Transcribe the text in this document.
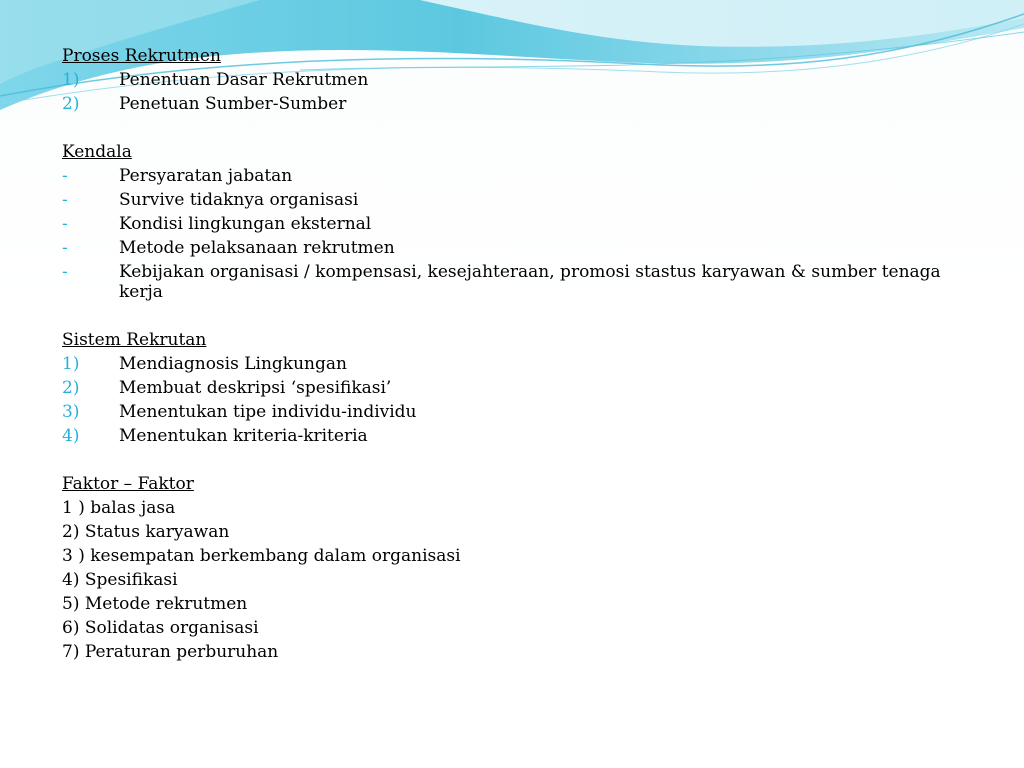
Proses Rekrutmen
1)	Penentuan Dasar Rekrutmen
2)	Penetuan Sumber-Sumber
Kendala
-	Persyaratan jabatan
-	Survive tidaknya organisasi
-	Kondisi lingkungan eksternal
-	Metode pelaksanaan rekrutmen
-	Kebijakan organisasi / kompensasi, kesejahteraan, promosi stastus karyawan & sumber tenaga kerja
Sistem Rekrutan
1)	Mendiagnosis Lingkungan
2)	Membuat deskripsi ‘spesifikasi’
3)	Menentukan tipe individu-individu
4)	Menentukan kriteria-kriteria
Faktor – Faktor
1 ) balas jasa
2) Status karyawan
3 ) kesempatan berkembang dalam organisasi
4) Spesifikasi
5) Metode rekrutmen
6) Solidatas organisasi
7) Peraturan perburuhan
